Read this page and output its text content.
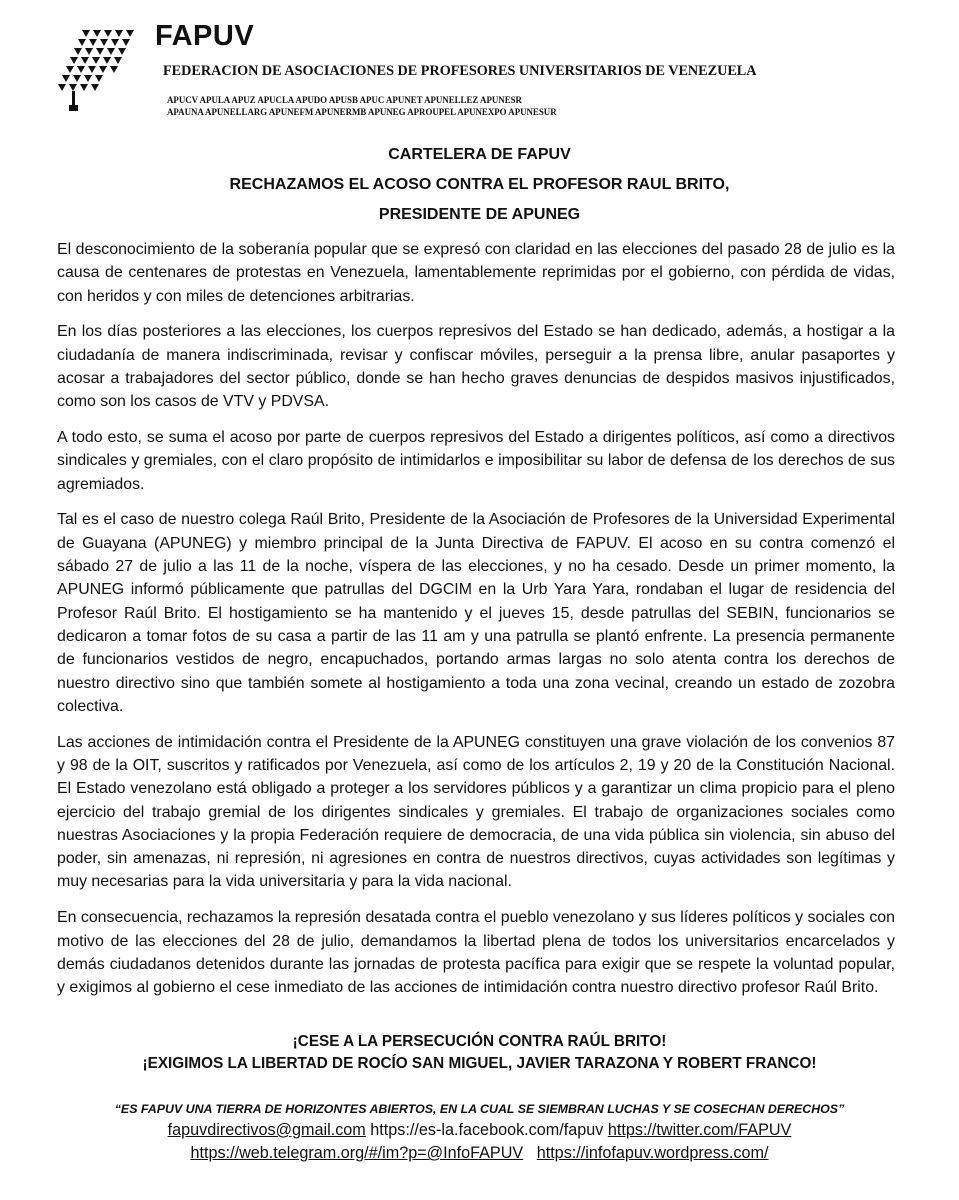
FAPUV
FEDERACION DE ASOCIACIONES DE PROFESORES UNIVERSITARIOS DE VENEZUELA
APUCV APULA APUZ APUCLA APUDO APUSB APUC APUNET APUNELLEZ APUNESR
APAUNA APUNELLARG APUNEFM APUNERMB APUNEG APROUPEL APUNEXPO APUNESUR
CARTELERA DE FAPUV
RECHAZAMOS EL ACOSO CONTRA EL PROFESOR RAUL BRITO,
PRESIDENTE DE APUNEG

El desconocimiento de la soberanía popular que se expresó con claridad en las elecciones del pasado 28 de julio es la causa de centenares de protestas en Venezuela, lamentablemente reprimidas por el gobierno, con pérdida de vidas, con heridos y con miles de detenciones arbitrarias.

En los días posteriores a las elecciones, los cuerpos represivos del Estado se han dedicado, además, a hostigar a la ciudadanía de manera indiscriminada, revisar y confiscar móviles, perseguir a la prensa libre, anular pasaportes y acosar a trabajadores del sector público, donde se han hecho graves denuncias de despidos masivos injustificados, como son los casos de VTV y PDVSA.

A todo esto, se suma el acoso por parte de cuerpos represivos del Estado a dirigentes políticos, así como a directivos sindicales y gremiales, con el claro propósito de intimidarlos e imposibilitar su labor de defensa de los derechos de sus agremiados.

Tal es el caso de nuestro colega Raúl Brito, Presidente de la Asociación de Profesores de la Universidad Experimental de Guayana (APUNEG) y miembro principal de la Junta Directiva de FAPUV. El acoso en su contra comenzó el sábado 27 de julio a las 11 de la noche, víspera de las elecciones, y no ha cesado. Desde un primer momento, la APUNEG informó públicamente que patrullas del DGCIM en la Urb Yara Yara, rondaban el lugar de residencia del Profesor Raúl Brito. El hostigamiento se ha mantenido y el jueves 15, desde patrullas del SEBIN, funcionarios se dedicaron a tomar fotos de su casa a partir de las 11 am y una patrulla se plantó enfrente. La presencia permanente de funcionarios vestidos de negro, encapuchados, portando armas largas no solo atenta contra los derechos de nuestro directivo sino que también somete al hostigamiento a toda una zona vecinal, creando un estado de zozobra colectiva.

Las acciones de intimidación contra el Presidente de la APUNEG constituyen una grave violación de los convenios 87 y 98 de la OIT, suscritos y ratificados por Venezuela, así como de los artículos 2, 19 y 20 de la Constitución Nacional. El Estado venezolano está obligado a proteger a los servidores públicos y a garantizar un clima propicio para el pleno ejercicio del trabajo gremial de los dirigentes sindicales y gremiales. El trabajo de organizaciones sociales como nuestras Asociaciones y la propia Federación requiere de democracia, de una vida pública sin violencia, sin abuso del poder, sin amenazas, ni represión, ni agresiones en contra de nuestros directivos, cuyas actividades son legítimas y muy necesarias para la vida universitaria y para la vida nacional.

En consecuencia, rechazamos la represión desatada contra el pueblo venezolano y sus líderes políticos y sociales con motivo de las elecciones del 28 de julio, demandamos la libertad plena de todos los universitarios encarcelados y demás ciudadanos detenidos durante las jornadas de protesta pacífica para exigir que se respete la voluntad popular, y exigimos al gobierno el cese inmediato de las acciones de intimidación contra nuestro directivo profesor Raúl Brito.

¡CESE A LA PERSECUCIÓN CONTRA RAÚL BRITO!
¡EXIGIMOS LA LIBERTAD DE ROCÍO SAN MIGUEL, JAVIER TARAZONA Y ROBERT FRANCO!
“ES FAPUV UNA TIERRA DE HORIZONTES ABIERTOS, EN LA CUAL SE SIEMBRAN LUCHAS Y SE COSECHAN DERECHOS”
fapuvdirectivos@gmail.com https://es-la.facebook.com/fapuv https://twitter.com/FAPUV
https://web.telegram.org/#/im?p=@InfoFAPUV https://infofapuv.wordpress.com/
